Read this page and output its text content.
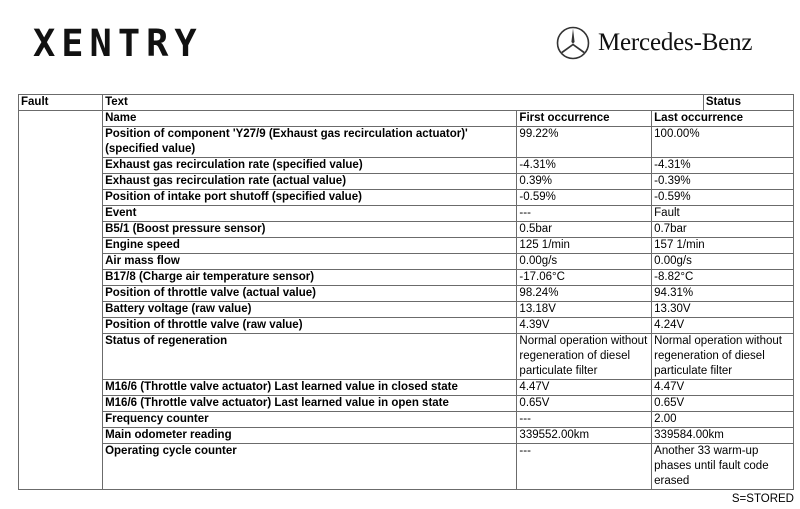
XENTRY	Mercedes-Benz
Fault	Text			Status
	Name	First occurrence	Last occurrence	
	Position of component 'Y27/9 (Exhaust gas recirculation actuator)' (specified value)	99.22%	100.00%	
	Exhaust gas recirculation rate (specified value)	-4.31%	-4.31%	
	Exhaust gas recirculation rate (actual value)	0.39%	-0.39%	
	Position of intake port shutoff (specified value)	-0.59%	-0.59%	
	Event	---	Fault	
	B5/1 (Boost pressure sensor)	0.5bar	0.7bar	
	Engine speed	125 1/min	157 1/min	
	Air mass flow	0.00g/s	0.00g/s	
	B17/8 (Charge air temperature sensor)	-17.06°C	-8.82°C	
	Position of throttle valve (actual value)	98.24%	94.31%	
	Battery voltage (raw value)	13.18V	13.30V	
	Position of throttle valve (raw value)	4.39V	4.24V	
	Status of regeneration	Normal operation without regeneration of diesel particulate filter	Normal operation without regeneration of diesel particulate filter	
	M16/6 (Throttle valve actuator) Last learned value in closed state	4.47V	4.47V	
	M16/6 (Throttle valve actuator) Last learned value in open state	0.65V	0.65V	
	Frequency counter	---	2.00	
	Main odometer reading	339552.00km	339584.00km	
	Operating cycle counter	---	Another 33 warm-up phases until fault code erased	
S=STORED
